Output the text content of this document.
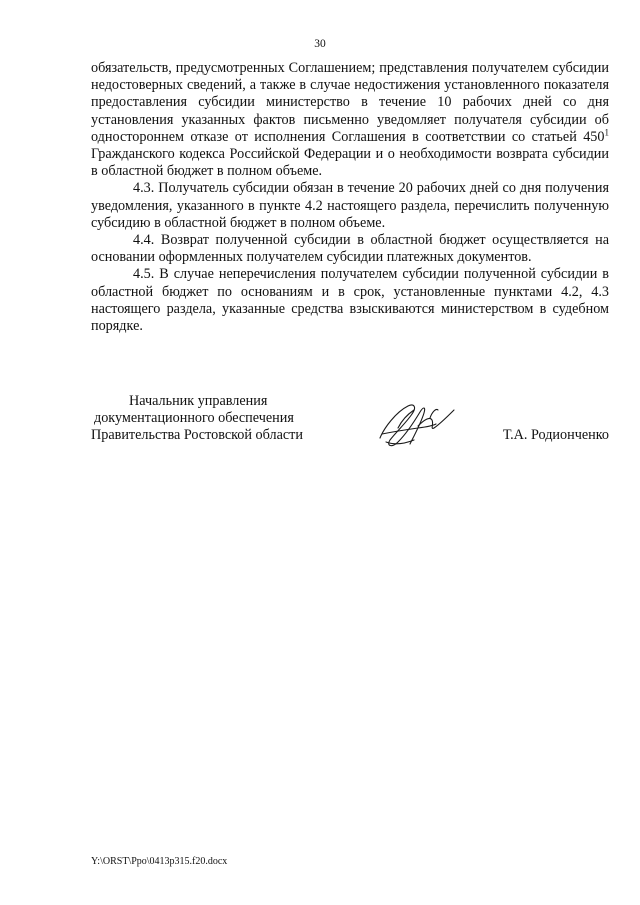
30

обязательств, предусмотренных Соглашением; представления получателем субсидии недостоверных сведений, а также в случае недостижения установленного показателя предоставления субсидии министерство в течение 10 рабочих дней со дня установления указанных фактов письменно уведомляет получателя субсидии об одностороннем отказе от исполнения Соглашения в соответствии со статьей $450^1$ Гражданского кодекса Российской Федерации и о необходимости возврата субсидии в областной бюджет в полном объеме.

4.3. Получатель субсидии обязан в течение 20 рабочих дней со дня получения уведомления, указанного в пункте 4.2 настоящего раздела, перечислить полученную субсидию в областной бюджет в полном объеме.

4.4. Возврат полученной субсидии в областной бюджет осуществляется на основании оформленных получателем субсидии платежных документов.

4.5. В случае неперечисления получателем субсидии полученной субсидии в областной бюджет по основаниям и в срок, установленные пунктами 4.2, 4.3 настоящего раздела, указанные средства взыскиваются министерством в судебном порядке.

Начальник управления
документационного обеспечения
Правительства Ростовской области	Т.А. Родионченко
Y:\ORST\Ppo\0413p315.f20.docx
